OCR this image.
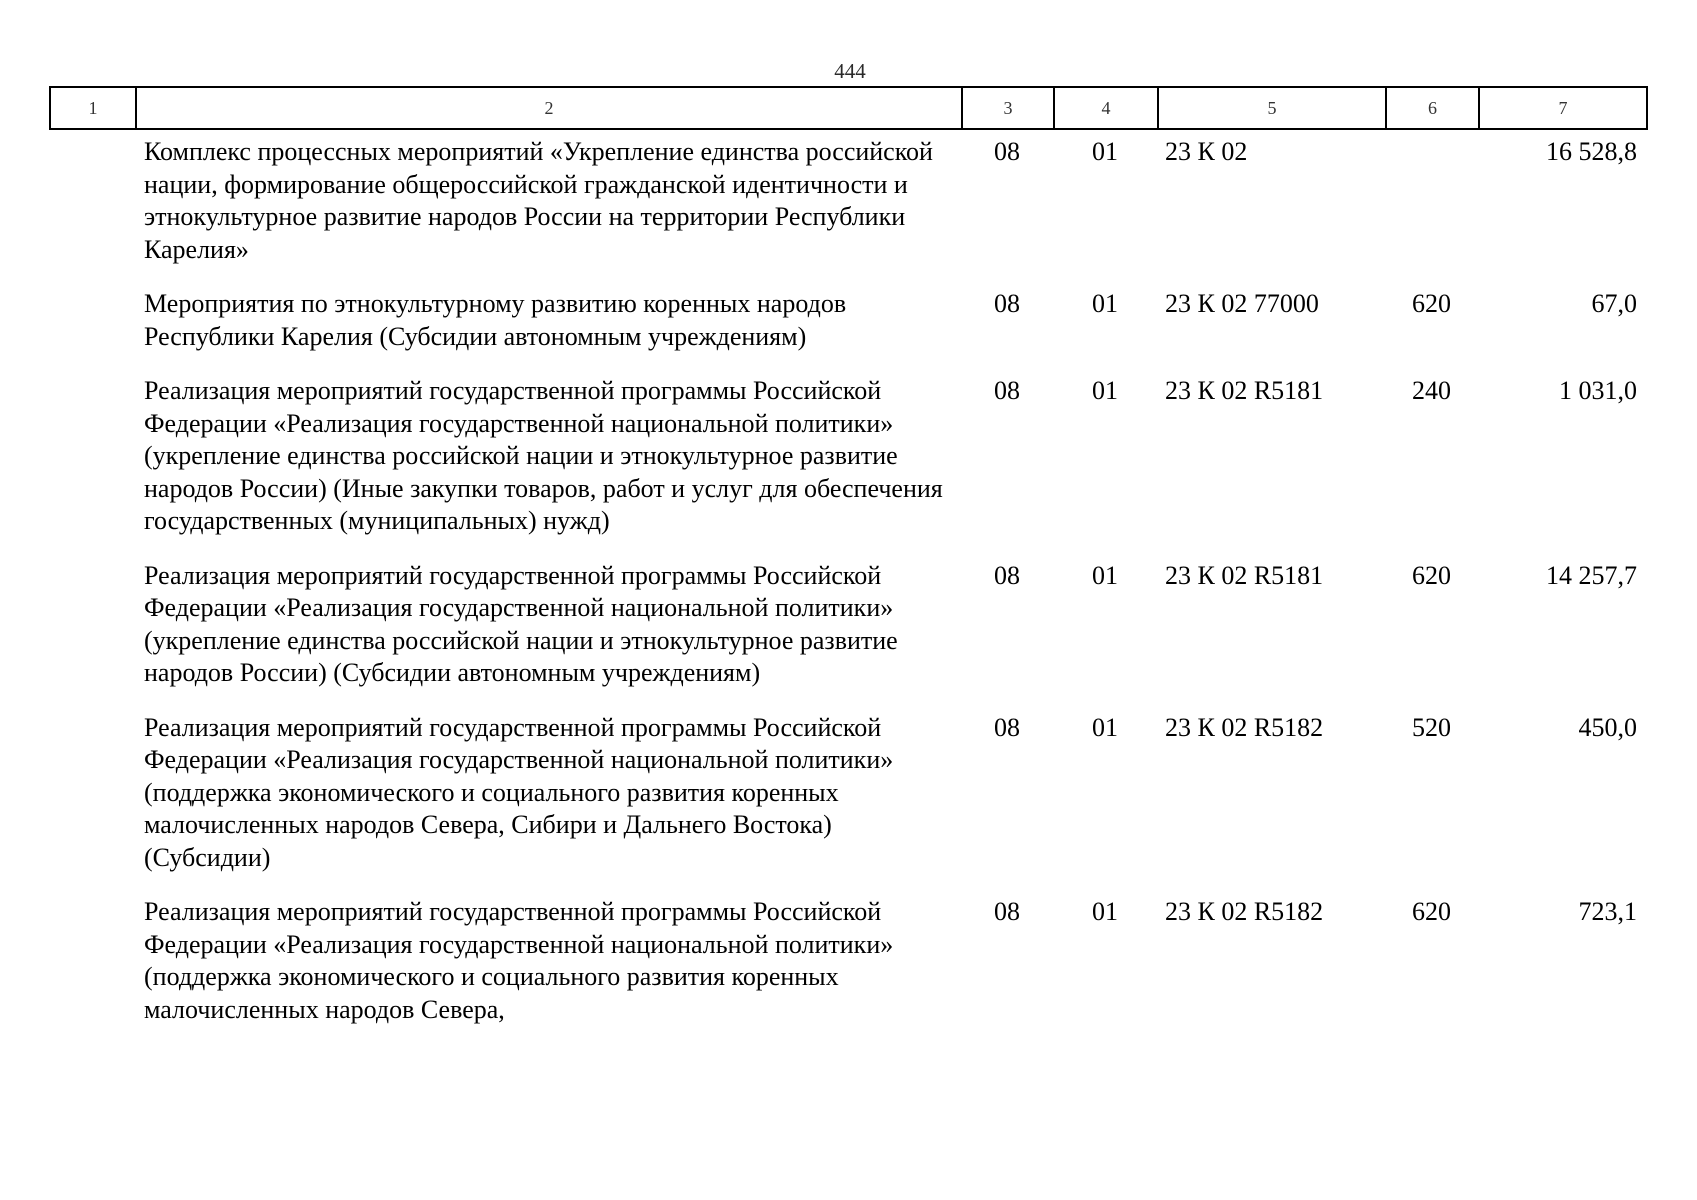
444
1	2	3	4	5	6	7
	Комплекс процессных мероприятий «Укрепление единства российской нации, формирование общероссийской гражданской идентичности и этнокультурное развитие народов России на территории Республики Карелия»	08	01	23 К 02		16 528,8
	Мероприятия по этнокультурному развитию коренных народов Республики Карелия (Субсидии автономным учреждениям)	08	01	23 К 02 77000	620	67,0
	Реализация мероприятий государственной программы Российской Федерации «Реализация государственной национальной политики» (укрепление единства российской нации и этнокультурное развитие народов России) (Иные закупки товаров, работ и услуг для обеспечения государственных (муниципальных) нужд)	08	01	23 К 02 R5181	240	1 031,0
	Реализация мероприятий государственной программы Российской Федерации «Реализация государственной национальной политики» (укрепление единства российской нации и этнокультурное развитие народов России) (Субсидии автономным учреждениям)	08	01	23 К 02 R5181	620	14 257,7
	Реализация мероприятий государственной программы Российской Федерации «Реализация государственной национальной политики» (поддержка экономического и социального развития коренных малочисленных народов Севера, Сибири и Дальнего Востока) (Субсидии)	08	01	23 К 02 R5182	520	450,0
	Реализация мероприятий государственной программы Российской Федерации «Реализация государственной национальной политики» (поддержка экономического и социального развития коренных малочисленных народов Севера,	08	01	23 К 02 R5182	620	723,1
